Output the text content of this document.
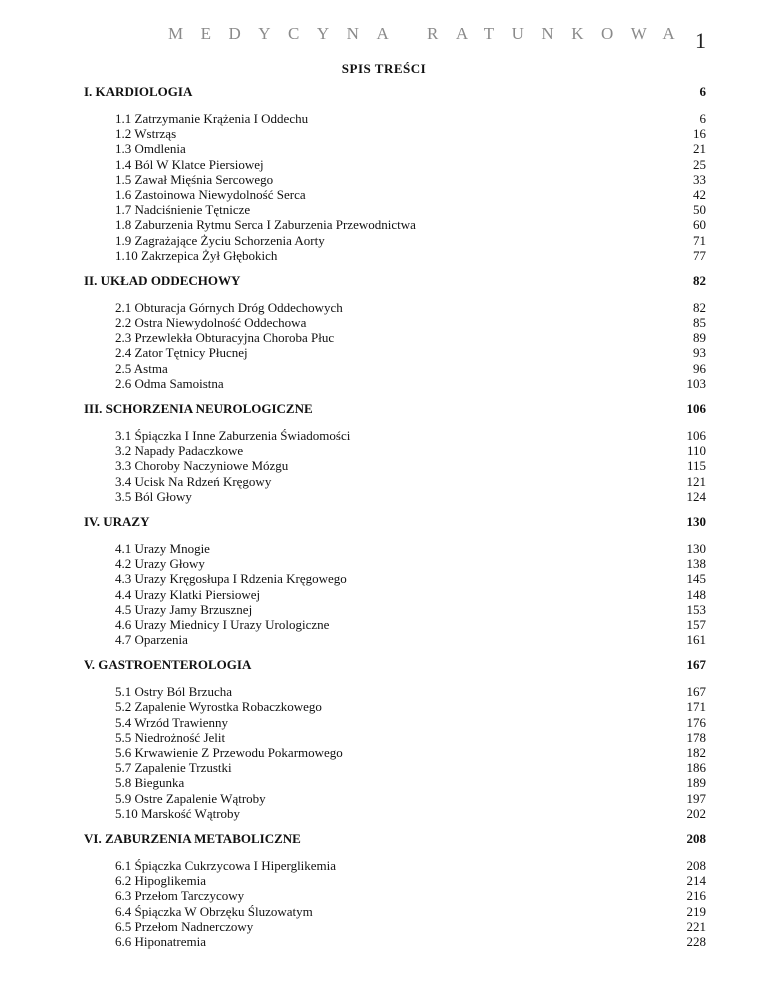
MEDYCYNA RATUNKOWA 1
SPIS TREŚCI
I. KARDIOLOGIA	6
1.1 Zatrzymanie Krążenia I Oddechu	6
1.2 Wstrząs	16
1.3 Omdlenia	21
1.4 Ból W Klatce Piersiowej	25
1.5 Zawał Mięśnia Sercowego	33
1.6 Zastoinowa Niewydolność Serca	42
1.7 Nadciśnienie Tętnicze	50
1.8 Zaburzenia Rytmu Serca I Zaburzenia Przewodnictwa	60
1.9 Zagrażające Życiu Schorzenia Aorty	71
1.10 Zakrzepica Żył Głębokich	77
II. UKŁAD ODDECHOWY	82
2.1 Obturacja Górnych Dróg Oddechowych	82
2.2 Ostra Niewydolność Oddechowa	85
2.3 Przewlekła Obturacyjna Choroba Płuc	89
2.4 Zator Tętnicy Płucnej	93
2.5 Astma	96
2.6 Odma Samoistna	103
III. SCHORZENIA NEUROLOGICZNE	106
3.1 Śpiączka I Inne Zaburzenia Świadomości	106
3.2 Napady Padaczkowe	110
3.3 Choroby Naczyniowe Mózgu	115
3.4 Ucisk Na Rdzeń Kręgowy	121
3.5 Ból Głowy	124
IV. URAZY	130
4.1 Urazy Mnogie	130
4.2 Urazy Głowy	138
4.3 Urazy Kręgosłupa I Rdzenia Kręgowego	145
4.4 Urazy Klatki Piersiowej	148
4.5 Urazy Jamy Brzusznej	153
4.6 Urazy Miednicy I Urazy Urologiczne	157
4.7 Oparzenia	161
V. GASTROENTEROLOGIA	167
5.1 Ostry Ból Brzucha	167
5.2 Zapalenie Wyrostka Robaczkowego	171
5.4 Wrzód Trawienny	176
5.5 Niedrożność Jelit	178
5.6 Krwawienie Z Przewodu Pokarmowego	182
5.7 Zapalenie Trzustki	186
5.8 Biegunka	189
5.9 Ostre Zapalenie Wątroby	197
5.10 Marskość Wątroby	202
VI. ZABURZENIA METABOLICZNE	208
6.1 Śpiączka Cukrzycowa I Hiperglikemia	208
6.2 Hipoglikemia	214
6.3 Przełom Tarczycowy	216
6.4 Śpiączka W Obrzęku Śluzowatym	219
6.5 Przełom Nadnerczowy	221
6.6 Hiponatremia	228
